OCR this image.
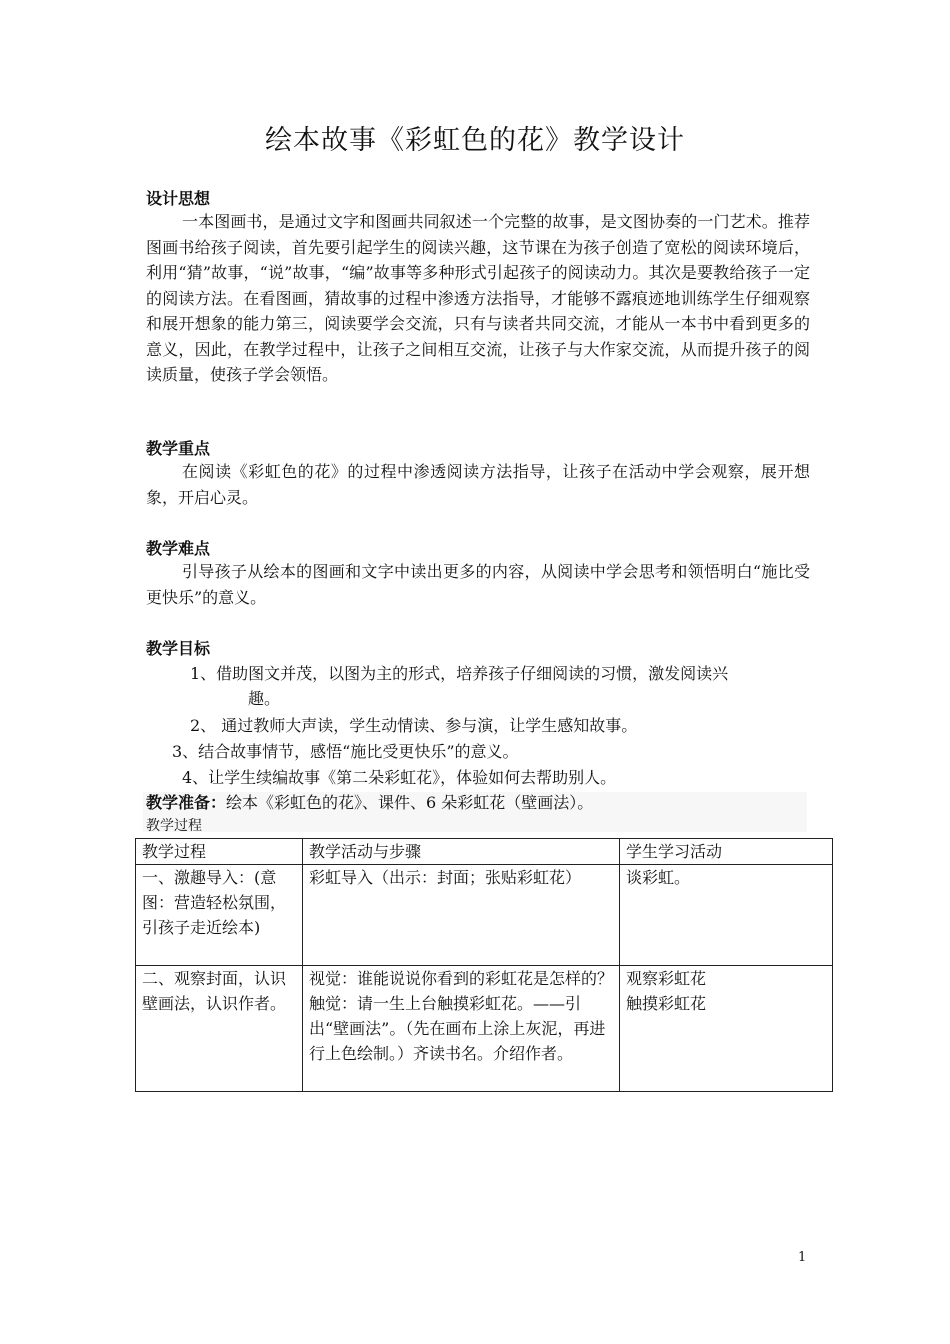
绘本故事《彩虹色的花》教学设计
设计思想

一本图画书，是通过文字和图画共同叙述一个完整的故事，是文图协奏的一门艺术。推荐图画书给孩子阅读，首先要引起学生的阅读兴趣，这节课在为孩子创造了宽松的阅读环境后，利用“猜”故事，“说”故事，“编”故事等多种形式引起孩子的阅读动力。其次是要教给孩子一定的阅读方法。在看图画，猜故事的过程中渗透方法指导，才能够不露痕迹地训练学生仔细观察和展开想象的能力第三，阅读要学会交流，只有与读者共同交流，才能从一本书中看到更多的意义，因此，在教学过程中，让孩子之间相互交流，让孩子与大作家交流，从而提升孩子的阅读质量，使孩子学会领悟。

教学重点

在阅读《彩虹色的花》的过程中渗透阅读方法指导，让孩子在活动中学会观察，展开想象，开启心灵。

教学难点

引导孩子从绘本的图画和文字中读出更多的内容，从阅读中学会思考和领悟明白“施比受更快乐”的意义。

教学目标

1、借助图文并茂，以图为主的形式，培养孩子仔细阅读的习惯，激发阅读兴
趣。

2、 通过教师大声读，学生动情读、参与演，让学生感知故事。

3、结合故事情节，感悟“施比受更快乐”的意义。

4、让学生续编故事《第二朵彩虹花》，体验如何去帮助别人。

教学准备：绘本《彩虹色的花》、课件、6 朵彩虹花（壁画法）。

教学过程

教学过程	教学活动与步骤	学生学习活动
一、激趣导入：(意图：营造轻松氛围，引孩子走近绘本)	彩虹导入（出示：封面；张贴彩虹花）	谈彩虹。
二、观察封面，认识壁画法，认识作者。	视觉：谁能说说你看到的彩虹花是怎样的？触觉：请一生上台触摸彩虹花。——引出“壁画法”。（先在画布上涂上灰泥，再进行上色绘制。）齐读书名。介绍作者。	观察彩虹花
触摸彩虹花

1
